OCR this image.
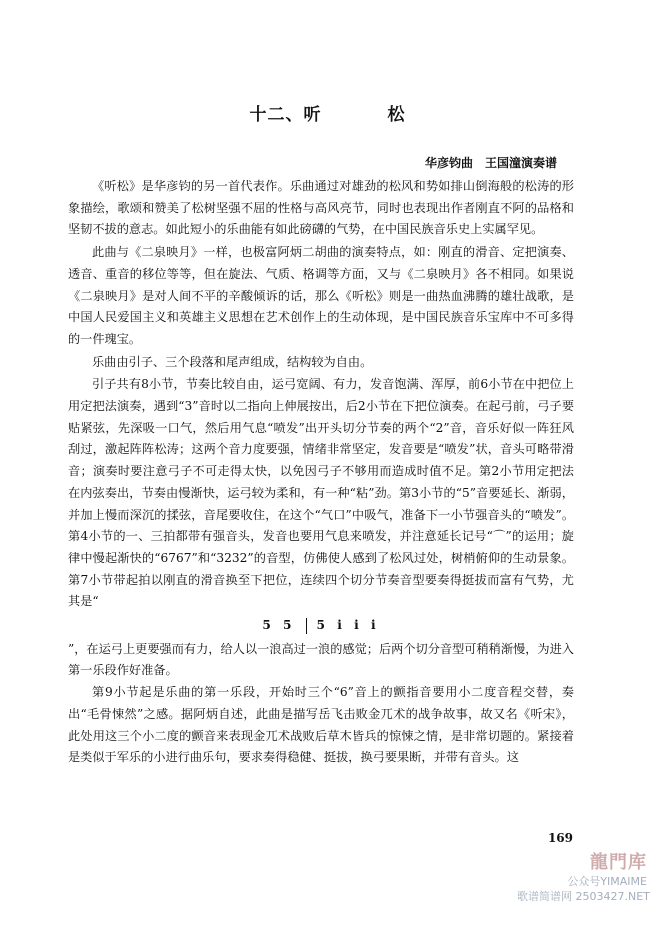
十二、听	松
华彦钧曲　王国潼演奏谱

《听松》是华彦钧的另一首代表作。乐曲通过对雄劲的松风和势如排山倒海般的松涛的形象描绘，歌颂和赞美了松树坚强不屈的性格与高风亮节，同时也表现出作者刚直不阿的品格和坚韧不拔的意志。如此短小的乐曲能有如此磅礴的气势，在中国民族音乐史上实属罕见。

此曲与《二泉映月》一样，也极富阿炳二胡曲的演奏特点，如：刚直的滑音、定把演奏、透音、重音的移位等等，但在旋法、气质、格调等方面，又与《二泉映月》各不相同。如果说《二泉映月》是对人间不平的辛酸倾诉的话，那么《听松》则是一曲热血沸腾的雄壮战歌，是中国人民爱国主义和英雄主义思想在艺术创作上的生动体现，是中国民族音乐宝库中不可多得的一件瑰宝。

乐曲由引子、三个段落和尾声组成，结构较为自由。

引子共有8小节，节奏比较自由，运弓宽阔、有力，发音饱满、浑厚，前6小节在中把位上用定把法演奏，遇到“3”音时以二指向上伸展按出，后2小节在下把位演奏。在起弓前，弓子要贴紧弦，先深吸一口气，然后用气息“喷发”出开头切分节奏的两个“2”音，音乐好似一阵狂风刮过，激起阵阵松涛；这两个音力度要强，情绪非常坚定，发音要是“喷发”状，音头可略带滑音；演奏时要注意弓子不可走得太快，以免因弓子不够用而造成时值不足。第2小节用定把法在内弦奏出，节奏由慢渐快，运弓较为柔和，有一种“粘”劲。第3小节的“5”音要延长、渐弱，并加上慢而深沉的揉弦，音尾要收住，在这个“气口”中吸气，准备下一小节强音头的“喷发”。第4小节的一、三拍都带有强音头，发音也要用气息来喷发，并注意延长记号“⌒”的运用；旋律中慢起渐快的“6767”和“3232”的音型，仿佛使人感到了松风过处，树梢俯仰的生动景象。第7小节带起拍以刚直的滑音换至下把位，连续四个切分节奏音型要奏得挺拔而富有气势，尤其是“

5 5 5 i i i

”，在运弓上更要强而有力，给人以一浪高过一浪的感觉；后两个切分音型可稍稍渐慢，为进入第一乐段作好准备。

第9小节起是乐曲的第一乐段，开始时三个“6”音上的颤指音要用小二度音程交替，奏出“毛骨悚然”之感。据阿炳自述，此曲是描写岳飞击败金兀术的战争故事，故又名《听宋》，此处用这三个小二度的颤音来表现金兀术战败后草木皆兵的惊悚之情，是非常切题的。紧接着是类似于军乐的小进行曲乐句，要求奏得稳健、挺拔，换弓要果断，并带有音头。这

169
龍門库
公众号YIMAIME
歌谱简谱网 2503427.NET
